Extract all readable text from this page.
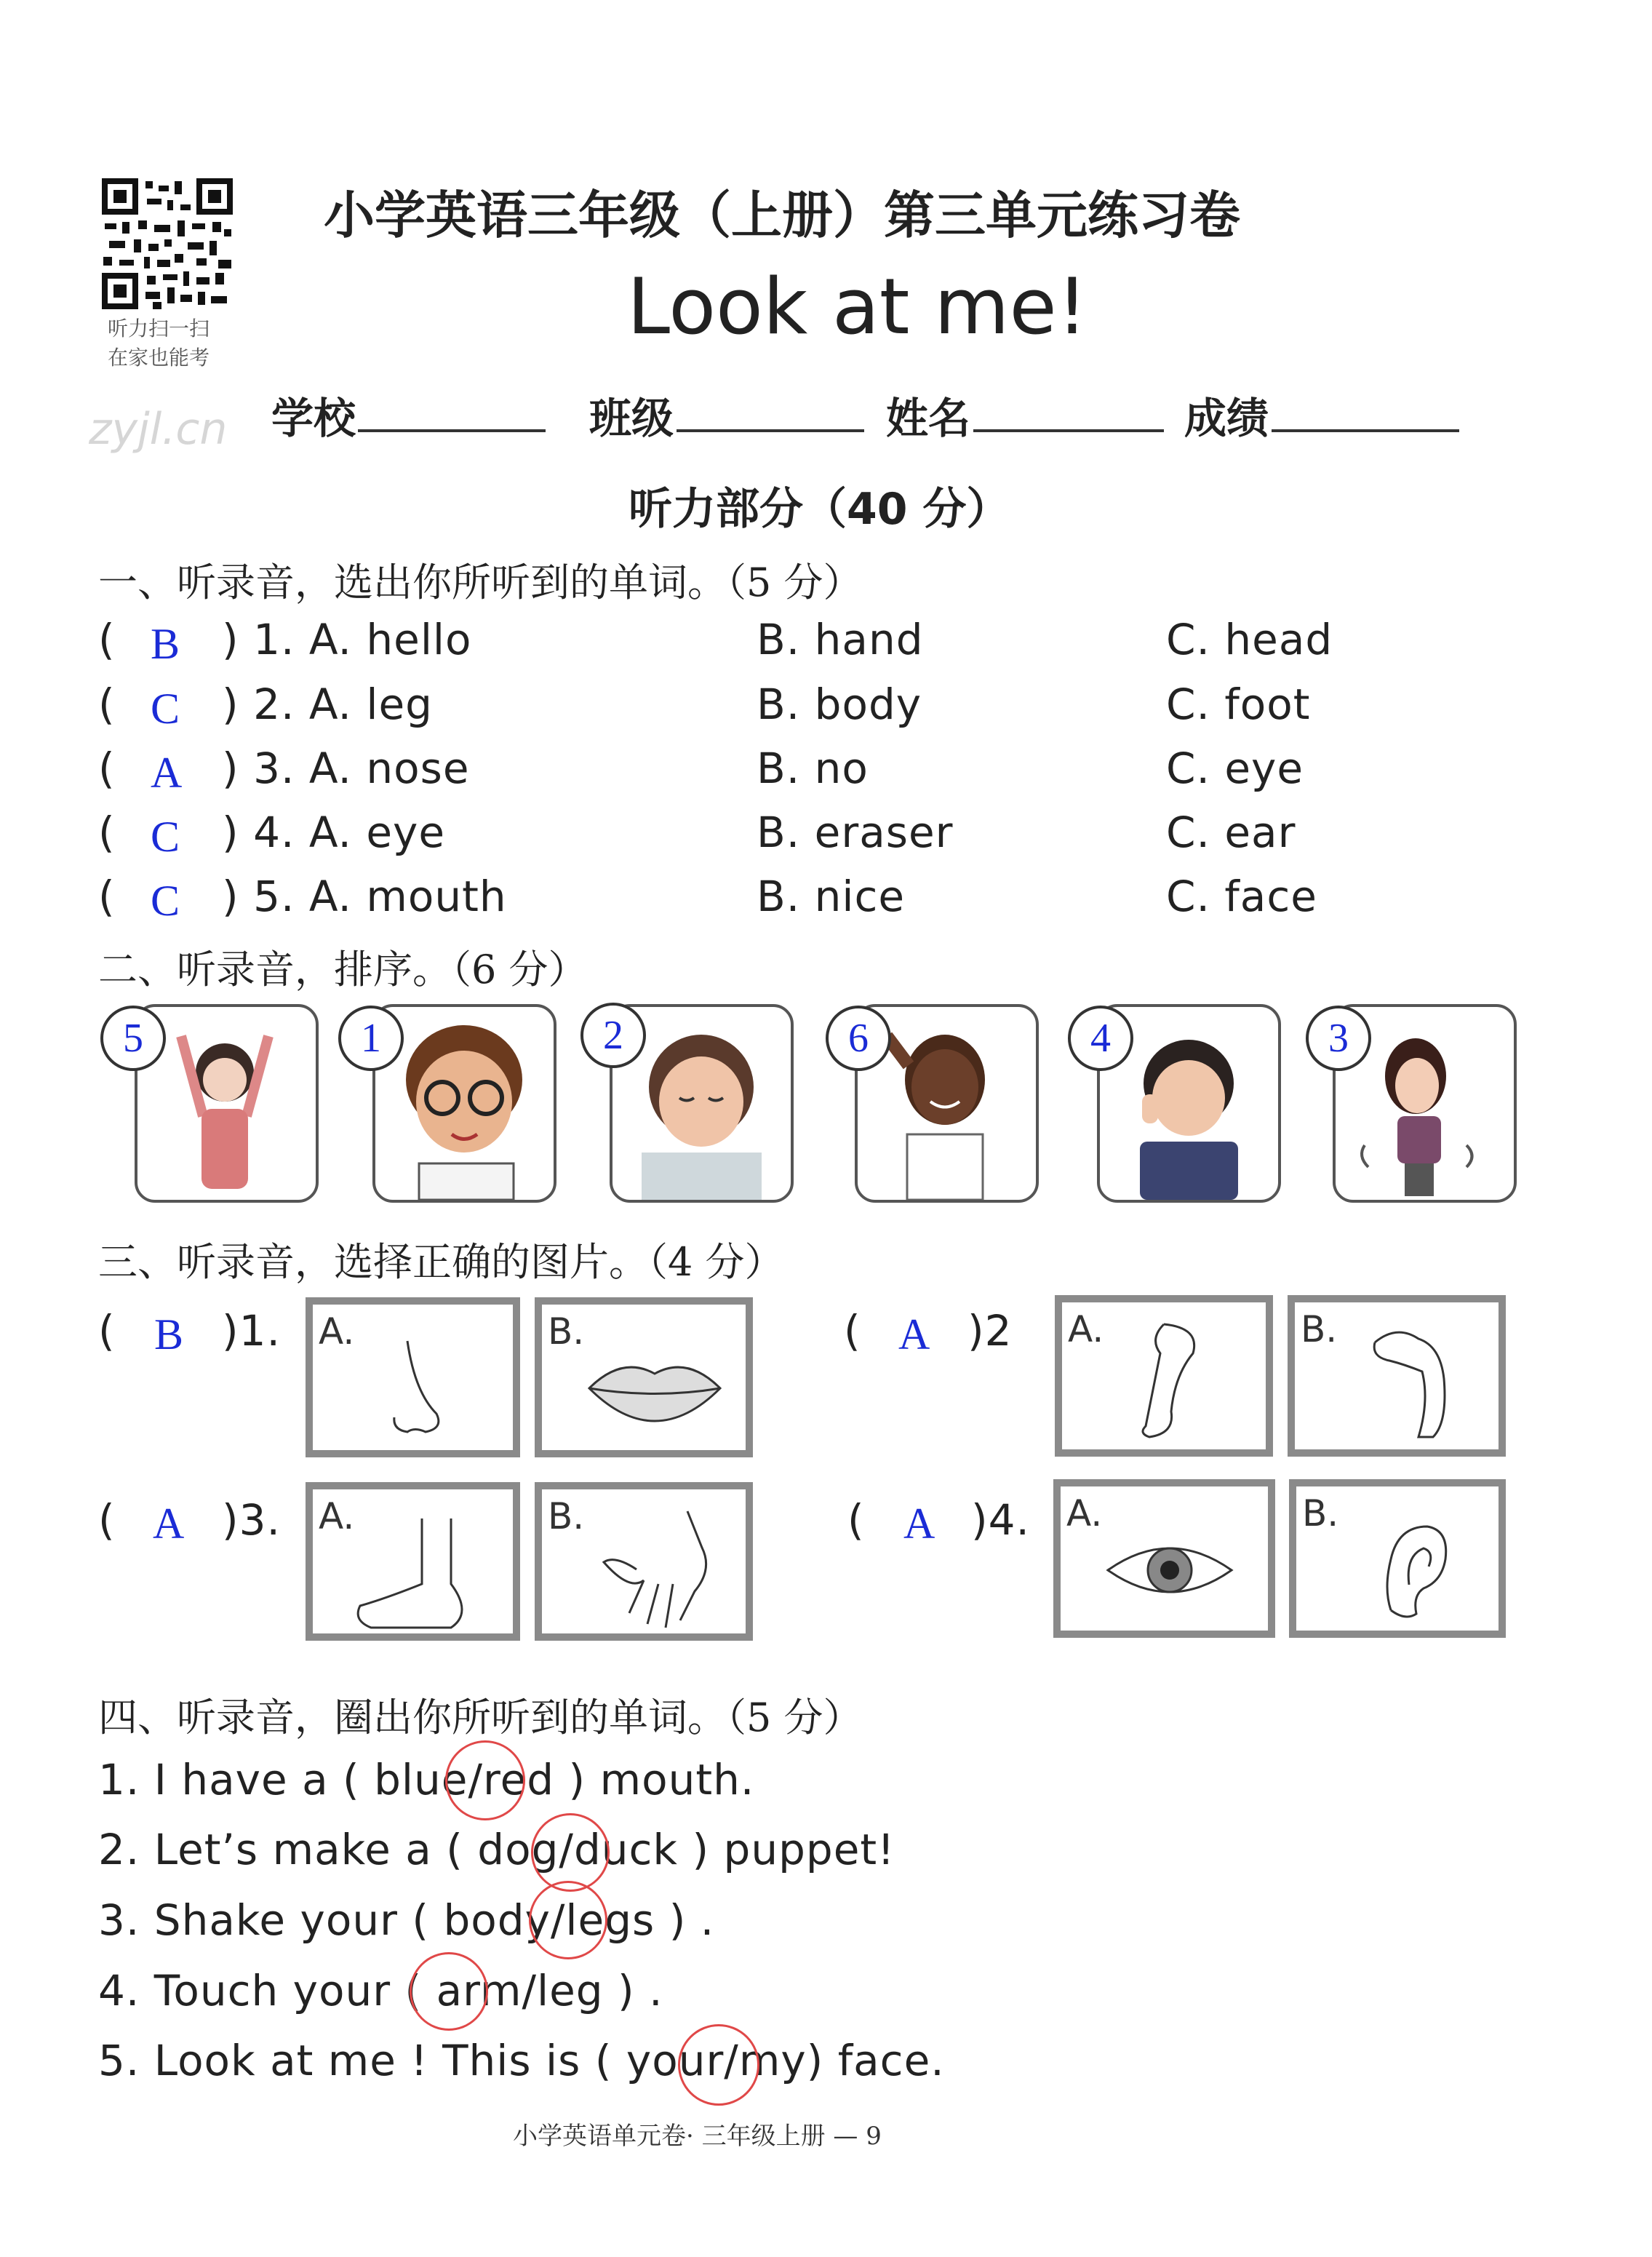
听力扫一扫
在家也能考
小学英语三年级（上册）第三单元练习卷
Look at me!
zyjl.cn 学校	班级	姓名	成绩
听力部分（40 分）
一、听录音，选出你所听到的单词。（5 分）
( B ) 1. A. hello	B. hand	C. head
( C ) 2. A. leg	B. body	C. foot
( A ) 3. A. nose	B. no	C. eye
( C ) 4. A. eye	B. eraser	C. ear
( C ) 5. A. mouth	B. nice	C. face
二、听录音，排序。（6 分）
5	1	2	6	4	3
三、听录音，选择正确的图片。（4 分）
( B )1. A.	B.	( A )2 A.	B.
( A )3. A.	B.	( A )4. A.	B.
四、听录音，圈出你所听到的单词。（5 分）
1. I have a ( blue/red ) mouth.
2. Let’s make a ( dog/duck ) puppet!
3. Shake your ( body/legs ) .
4. Touch your ( arm/leg ) .
5. Look at me ! This is ( your/my) face.
小学英语单元卷· 三年级上册 — 9
